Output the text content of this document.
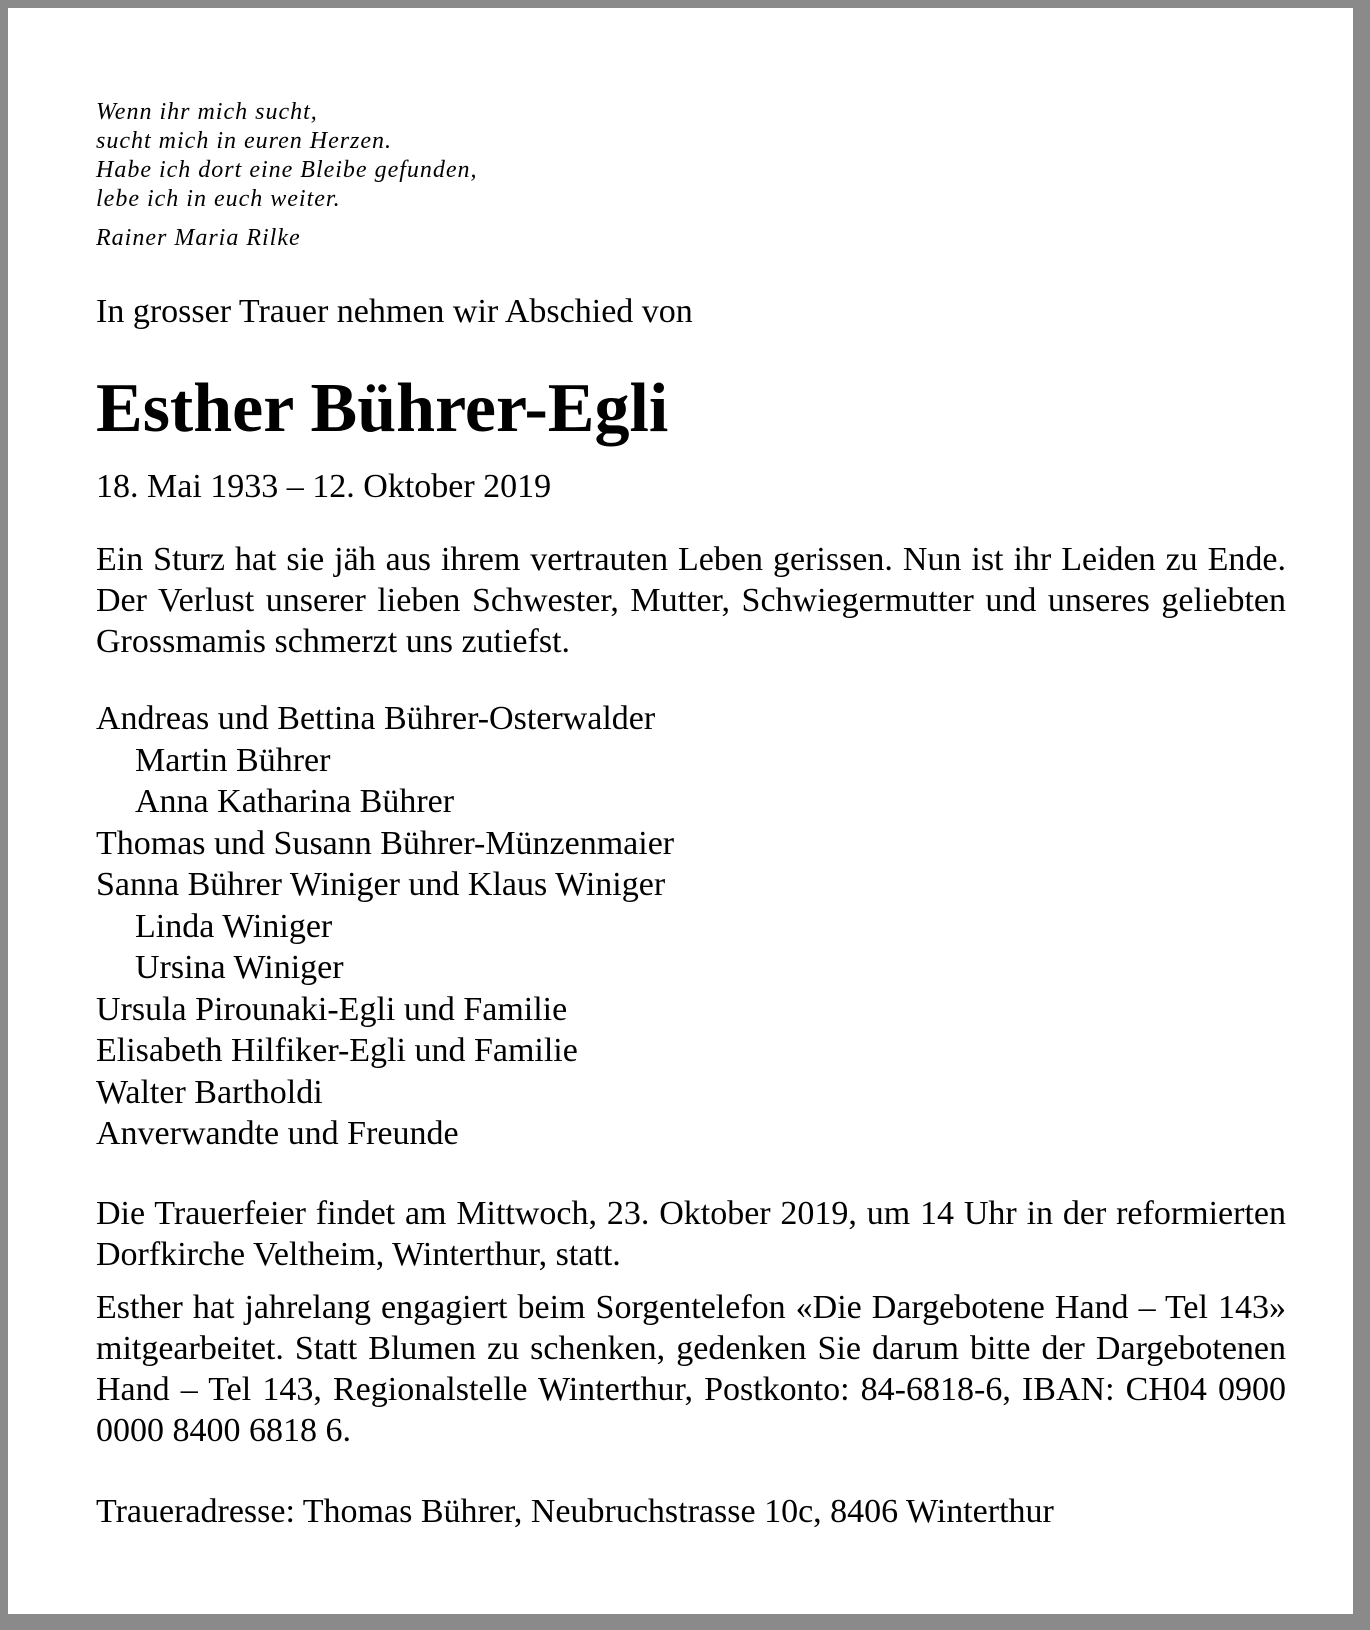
Wenn ihr mich sucht,
sucht mich in euren Herzen.
Habe ich dort eine Bleibe gefunden,
lebe ich in euch weiter.
Rainer Maria Rilke
In grosser Trauer nehmen wir Abschied von
Esther Bührer-Egli
18. Mai 1933 – 12. Oktober 2019
Ein Sturz hat sie jäh aus ihrem vertrauten Leben gerissen. Nun ist ihr Leiden zu Ende. Der Verlust unserer lieben Schwester, Mutter, Schwiegermutter und unseres geliebten Grossmamis schmerzt uns zutiefst.
Andreas und Bettina Bührer-Osterwalder
Martin Bührer
Anna Katharina Bührer
Thomas und Susann Bührer-Münzenmaier
Sanna Bührer Winiger und Klaus Winiger
Linda Winiger
Ursina Winiger
Ursula Pirounaki-Egli und Familie
Elisabeth Hilfiker-Egli und Familie
Walter Bartholdi
Anverwandte und Freunde
Die Trauerfeier findet am Mittwoch, 23. Oktober 2019, um 14 Uhr in der reformierten Dorfkirche Veltheim, Winterthur, statt.
Esther hat jahrelang engagiert beim Sorgentelefon «Die Dargebotene Hand – Tel 143» mitgearbeitet. Statt Blumen zu schenken, gedenken Sie darum bitte der Dargebotenen Hand – Tel 143, Regionalstelle Winterthur, Postkonto: 84-6818-6, IBAN: CH04 0900 0000 8400 6818 6.
Traueradresse: Thomas Bührer, Neubruchstrasse 10c, 8406 Winterthur
